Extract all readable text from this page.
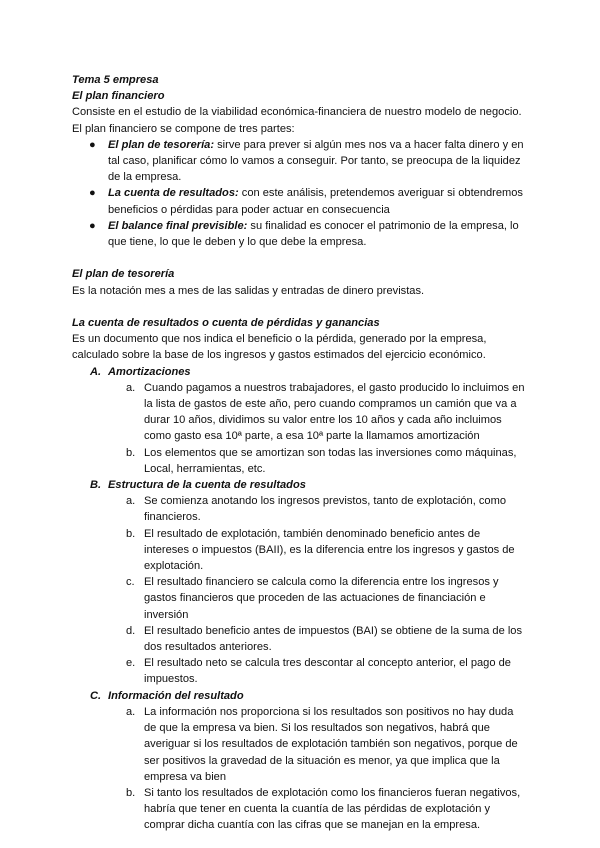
Tema 5 empresa

El plan financiero

Consiste en el estudio de la viabilidad económica-financiera de nuestro modelo de negocio. El plan financiero se compone de tres partes:

● El plan de tesorería: sirve para prever si algún mes nos va a hacer falta dinero y en tal caso, planificar cómo lo vamos a conseguir. Por tanto, se preocupa de la liquidez de la empresa.
● La cuenta de resultados: con este análisis, pretendemos averiguar si obtendremos beneficios o pérdidas para poder actuar en consecuencia
● El balance final previsible: su finalidad es conocer el patrimonio de la empresa, lo que tiene, lo que le deben y lo que debe la empresa.

El plan de tesorería

Es la notación mes a mes de las salidas y entradas de dinero previstas.

La cuenta de resultados o cuenta de pérdidas y ganancias

Es un documento que nos indica el beneficio o la pérdida, generado por la empresa, calculado sobre la base de los ingresos y gastos estimados del ejercicio económico.

A. Amortizaciones
a. Cuando pagamos a nuestros trabajadores, el gasto producido lo incluimos en la lista de gastos de este año, pero cuando compramos un camión que va a durar 10 años, dividimos su valor entre los 10 años y cada año incluimos como gasto esa 10ª parte, a esa 10ª parte la llamamos amortización
b. Los elementos que se amortizan son todas las inversiones como máquinas, Local, herramientas, etc.
B. Estructura de la cuenta de resultados
a. Se comienza anotando los ingresos previstos, tanto de explotación, como financieros.
b. El resultado de explotación, también denominado beneficio antes de intereses o impuestos (BAII), es la diferencia entre los ingresos y gastos de explotación.
c. El resultado financiero se calcula como la diferencia entre los ingresos y gastos financieros que proceden de las actuaciones de financiación e inversión
d. El resultado beneficio antes de impuestos (BAI) se obtiene de la suma de los dos resultados anteriores.
e. El resultado neto se calcula tres descontar al concepto anterior, el pago de impuestos.
C. Información del resultado
a. La información nos proporciona si los resultados son positivos no hay duda de que la empresa va bien. Si los resultados son negativos, habrá que averiguar si los resultados de explotación también son negativos, porque de ser positivos la gravedad de la situación es menor, ya que implica que la empresa va bien
b. Si tanto los resultados de explotación como los financieros fueran negativos, habría que tener en cuenta la cuantía de las pérdidas de explotación y comprar dicha cuantía con las cifras que se manejan en la empresa.
